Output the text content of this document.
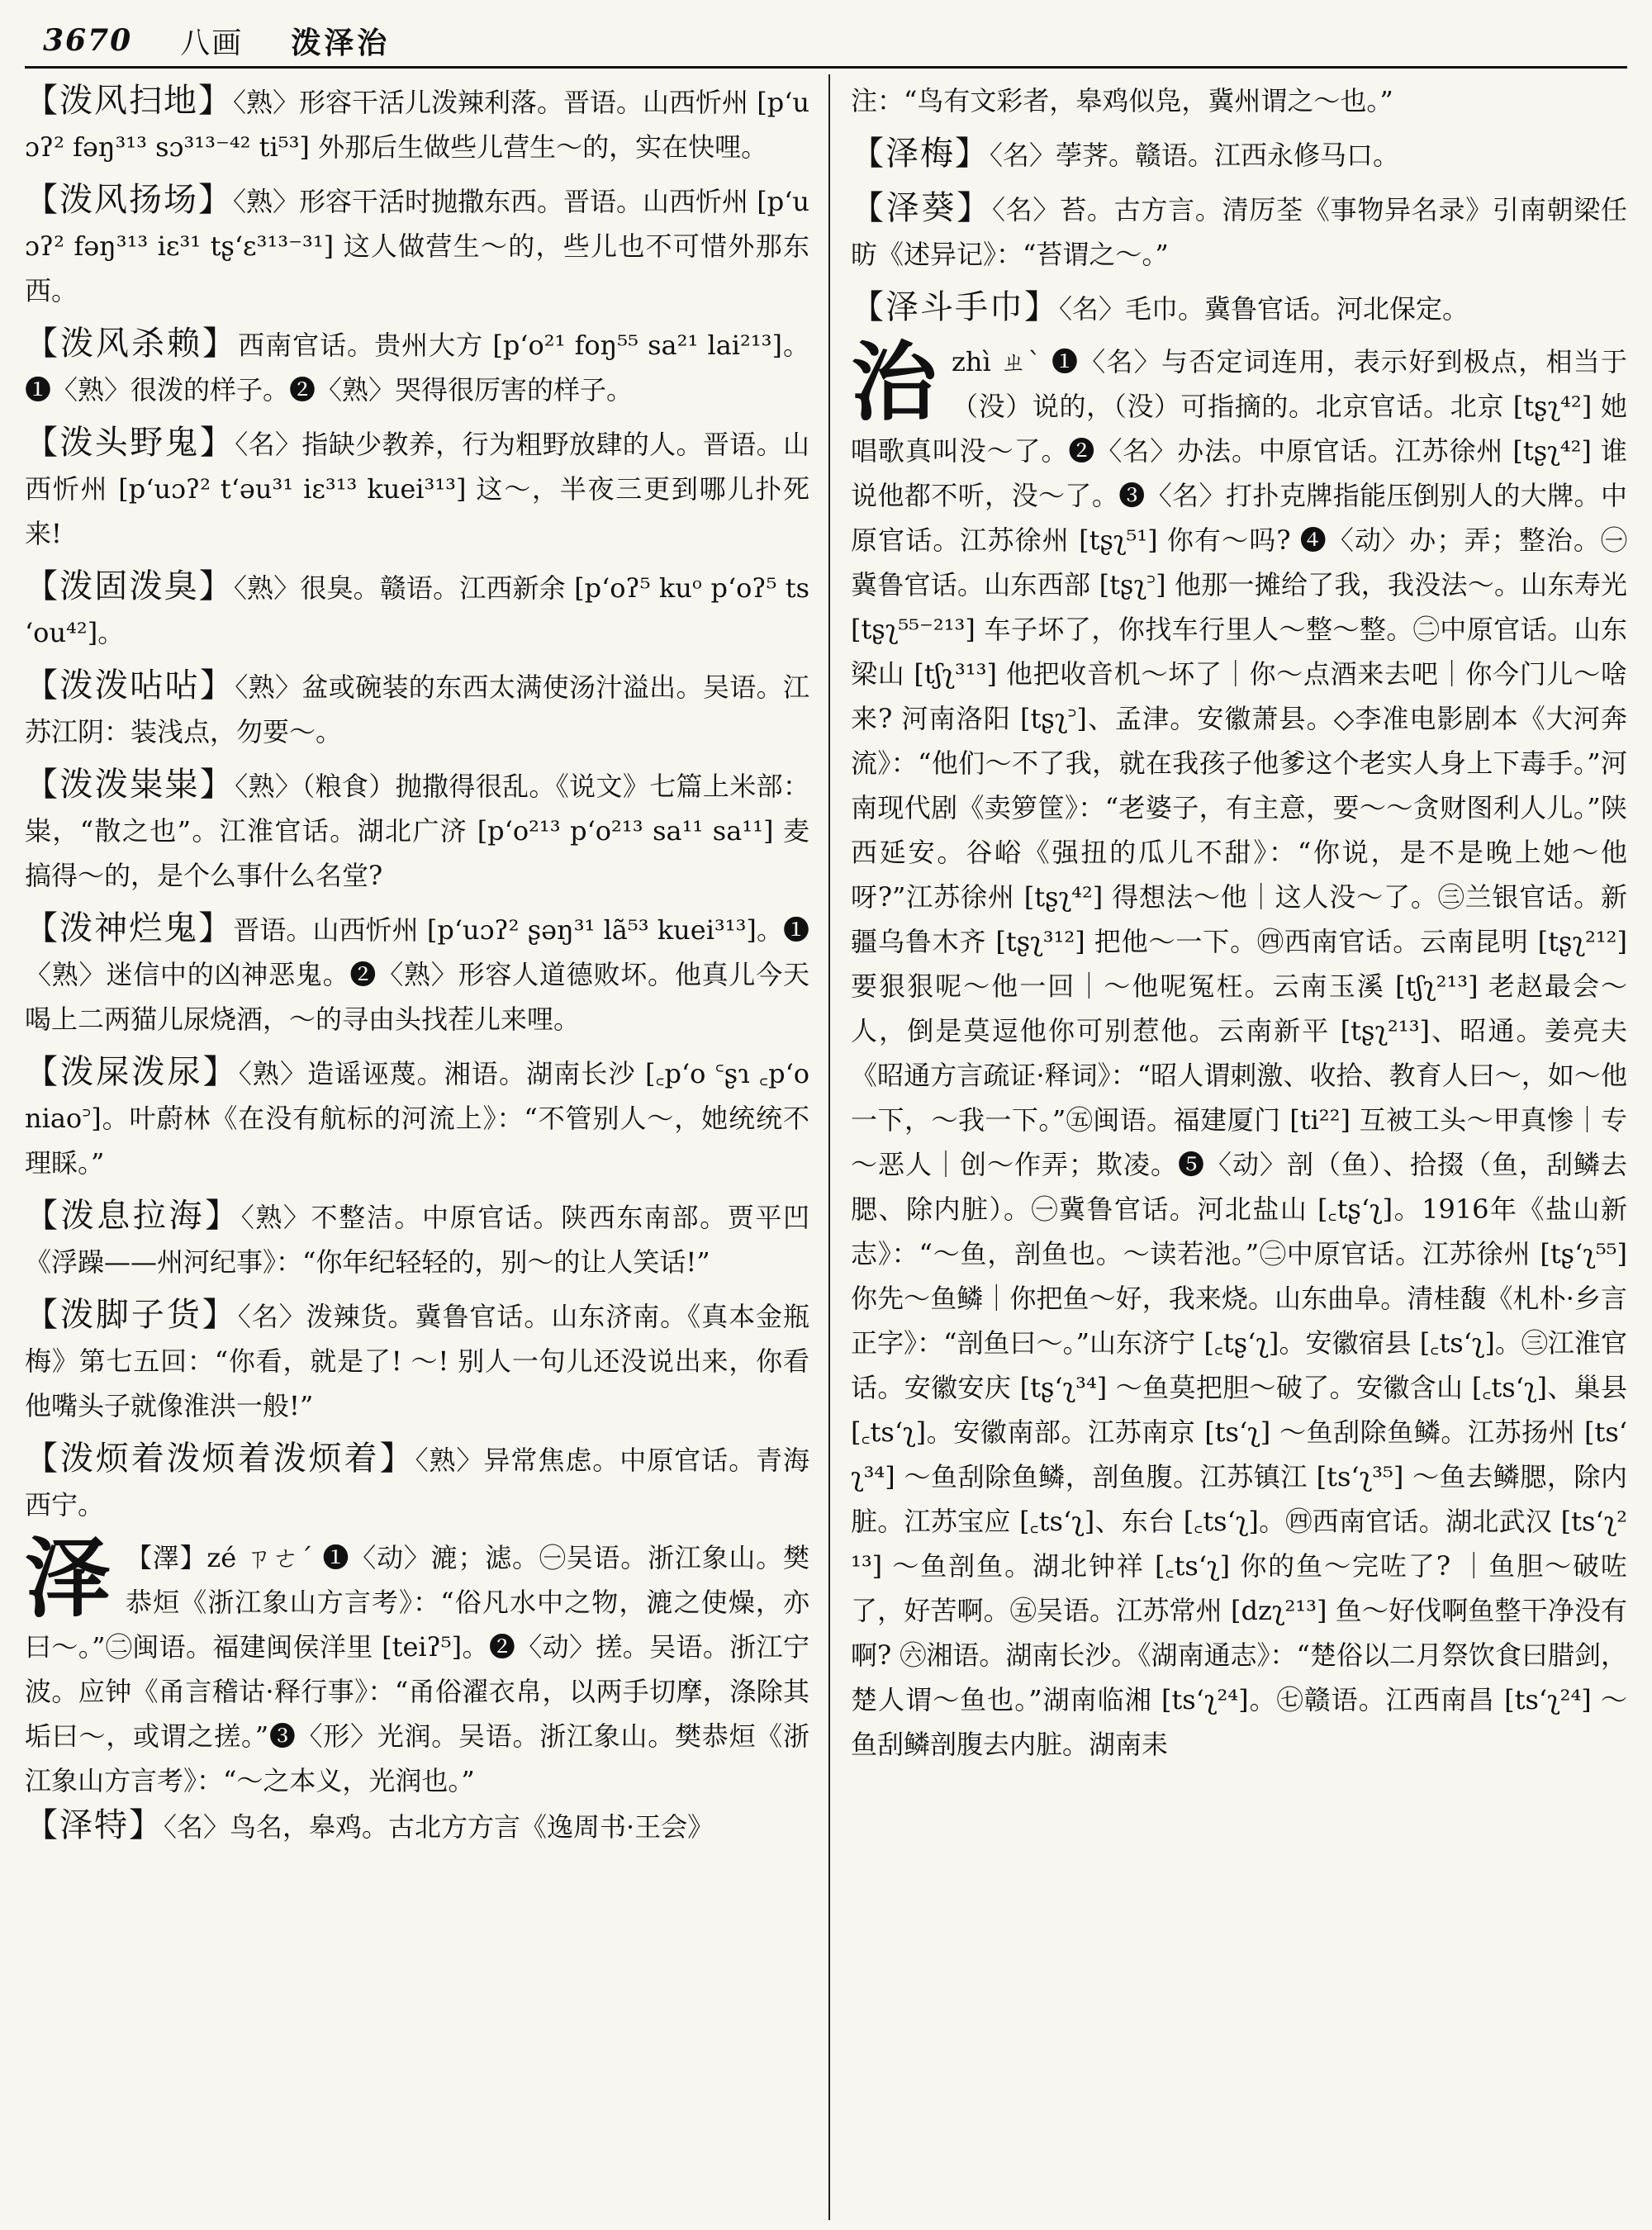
3670 八画 泼泽治

【泼风扫地】〈熟〉形容干活儿泼辣利落。晋语。山西忻州 [pʻuɔʔ² fəŋ³¹³ sɔ³¹³⁻⁴² ti⁵³] 外那后生做些儿营生～的，实在快哩。

【泼风扬场】〈熟〉形容干活时抛撒东西。晋语。山西忻州 [pʻuɔʔ² fəŋ³¹³ iɛ³¹ tʂʻɛ³¹³⁻³¹] 这人做营生～的，些儿也不可惜外那东西。

【泼风杀赖】西南官话。贵州大方 [pʻo²¹ foŋ⁵⁵ sa²¹ lai²¹³]。❶〈熟〉很泼的样子。❷〈熟〉哭得很厉害的样子。

【泼头野鬼】〈名〉指缺少教养，行为粗野放肆的人。晋语。山西忻州 [pʻuɔʔ² tʻəu³¹ iɛ³¹³ kuei³¹³] 这～，半夜三更到哪儿扑死来!

【泼固泼臭】〈熟〉很臭。赣语。江西新余 [pʻoʔ⁵ kuᵒ pʻoʔ⁵ tsʻou⁴²]。

【泼泼呫呫】〈熟〉盆或碗装的东西太满使汤汁溢出。吴语。江苏江阴：装浅点，勿要～。

【泼泼粜粜】〈熟〉（粮食）抛撒得很乱。《说文》七篇上米部：粜，“散之也”。江淮官话。湖北广济 [pʻo²¹³ pʻo²¹³ sa¹¹ sa¹¹] 麦搞得～的，是个么事什么名堂?

【泼神烂鬼】晋语。山西忻州 [pʻuɔʔ² ʂəŋ³¹ lã⁵³ kuei³¹³]。❶〈熟〉迷信中的凶神恶鬼。❷〈熟〉形容人道德败坏。他真儿今天喝上二两猫儿尿烧酒，～的寻由头找茬儿来哩。

【泼屎泼尿】〈熟〉造谣诬蔑。湘语。湖南长沙 [꜀pʻo ꜂ʂɿ ꜀pʻo niao꜄]。叶蔚林《在没有航标的河流上》：“不管别人～，她统统不理睬。”

【泼息拉海】〈熟〉不整洁。中原官话。陕西东南部。贾平凹《浮躁——州河纪事》：“你年纪轻轻的，别～的让人笑话!”

【泼脚子货】〈名〉泼辣货。冀鲁官话。山东济南。《真本金瓶梅》第七五回：“你看，就是了! ～! 别人一句儿还没说出来，你看他嘴头子就像淮洪一般!”

【泼烦着泼烦着泼烦着】〈熟〉异常焦虑。中原官话。青海西宁。

泽 【澤】zé ㄗㄜˊ ❶〈动〉漉；滤。㊀吴语。浙江象山。樊恭烜《浙江象山方言考》：“俗凡水中之物，漉之使燥，亦曰～。”㊁闽语。福建闽侯洋里 [teiʔ⁵]。❷〈动〉搓。吴语。浙江宁波。应钟《甬言稽诂·释行事》：“甬俗濯衣帛，以两手切摩，涤除其垢曰～，或谓之搓。”❸〈形〉光润。吴语。浙江象山。樊恭烜《浙江象山方言考》：“～之本义，光润也。”

【泽特】〈名〉鸟名，皋鸡。古北方方言《逸周书·王会》

注：“鸟有文彩者，皋鸡似凫，冀州谓之～也。”

【泽梅】〈名〉荸荠。赣语。江西永修马口。

【泽葵】〈名〉苔。古方言。清厉荃《事物异名录》引南朝梁任昉《述异记》：“苔谓之～。”

【泽斗手巾】〈名〉毛巾。冀鲁官话。河北保定。

治zhì ㄓˋ ❶〈名〉与否定词连用，表示好到极点，相当于（没）说的，（没）可指摘的。北京官话。北京 [tʂʅ⁴²] 她唱歌真叫没～了。❷〈名〉办法。中原官话。江苏徐州 [tʂʅ⁴²] 谁说他都不听，没～了。❸〈名〉打扑克牌指能压倒别人的大牌。中原官话。江苏徐州 [tʂʅ⁵¹] 你有～吗? ❹〈动〉办；弄；整治。㊀冀鲁官话。山东西部 [tʂʅ꜄] 他那一摊给了我，我没法～。山东寿光 [tʂʅ⁵⁵⁻²¹³] 车子坏了，你找车行里人～整～整。㊁中原官话。山东梁山 [tʃʅ³¹³] 他把收音机～坏了｜你～点酒来去吧｜你今门儿～啥来? 河南洛阳 [tʂʅ꜄]、孟津。安徽萧县。◇李准电影剧本《大河奔流》：“他们～不了我，就在我孩子他爹这个老实人身上下毒手。”河南现代剧《卖箩筐》：“老婆子，有主意，要～～贪财图利人儿。”陕西延安。谷峪《强扭的瓜儿不甜》：“你说，是不是晚上她～他呀?”江苏徐州 [tʂʅ⁴²] 得想法～他｜这人没～了。㊂兰银官话。新疆乌鲁木齐 [tʂʅ³¹²] 把他～一下。㊃西南官话。云南昆明 [tʂʅ²¹²] 要狠狠呢～他一回｜～他呢冤枉。云南玉溪 [tʃʅ²¹³] 老赵最会～人，倒是莫逗他你可别惹他。云南新平 [tʂʅ²¹³]、昭通。姜亮夫《昭通方言疏证·释词》：“昭人谓刺激、收拾、教育人曰～，如～他一下，～我一下。”㊄闽语。福建厦门 [ti²²] 互被工头～甲真惨｜专～恶人｜创～作弄；欺凌。❺〈动〉剖（鱼）、拾掇（鱼，刮鳞去腮、除内脏）。㊀冀鲁官话。河北盐山 [꜀tʂʻʅ]。1916年《盐山新志》：“～鱼，剖鱼也。～读若池。”㊁中原官话。江苏徐州 [tʂʻʅ⁵⁵] 你先～鱼鳞｜你把鱼～好，我来烧。山东曲阜。清桂馥《札朴·乡言正字》：“剖鱼曰～。”山东济宁 [꜀tʂʻʅ]。安徽宿县 [꜀tsʻʅ]。㊂江淮官话。安徽安庆 [tʂʻʅ³⁴] ～鱼莫把胆～破了。安徽含山 [꜀tsʻʅ]、巢县 [꜀tsʻʅ]。安徽南部。江苏南京 [tsʻʅ] ～鱼刮除鱼鳞。江苏扬州 [tsʻʅ³⁴] ～鱼刮除鱼鳞，剖鱼腹。江苏镇江 [tsʻʅ³⁵] ～鱼去鳞腮，除内脏。江苏宝应 [꜀tsʻʅ]、东台 [꜀tsʻʅ]。㊃西南官话。湖北武汉 [tsʻʅ²¹³] ～鱼剖鱼。湖北钟祥 [꜀tsʻʅ] 你的鱼～完咗了? ｜鱼胆～破咗了，好苦啊。㊄吴语。江苏常州 [dzʅ²¹³] 鱼～好伐啊鱼整干净没有啊? ㊅湘语。湖南长沙。《湖南通志》：“楚俗以二月祭饮食曰腊剑，楚人谓～鱼也。”湖南临湘 [tsʻʅ²⁴]。㊆赣语。江西南昌 [tsʻʅ²⁴] ～鱼刮鳞剖腹去内脏。湖南耒
